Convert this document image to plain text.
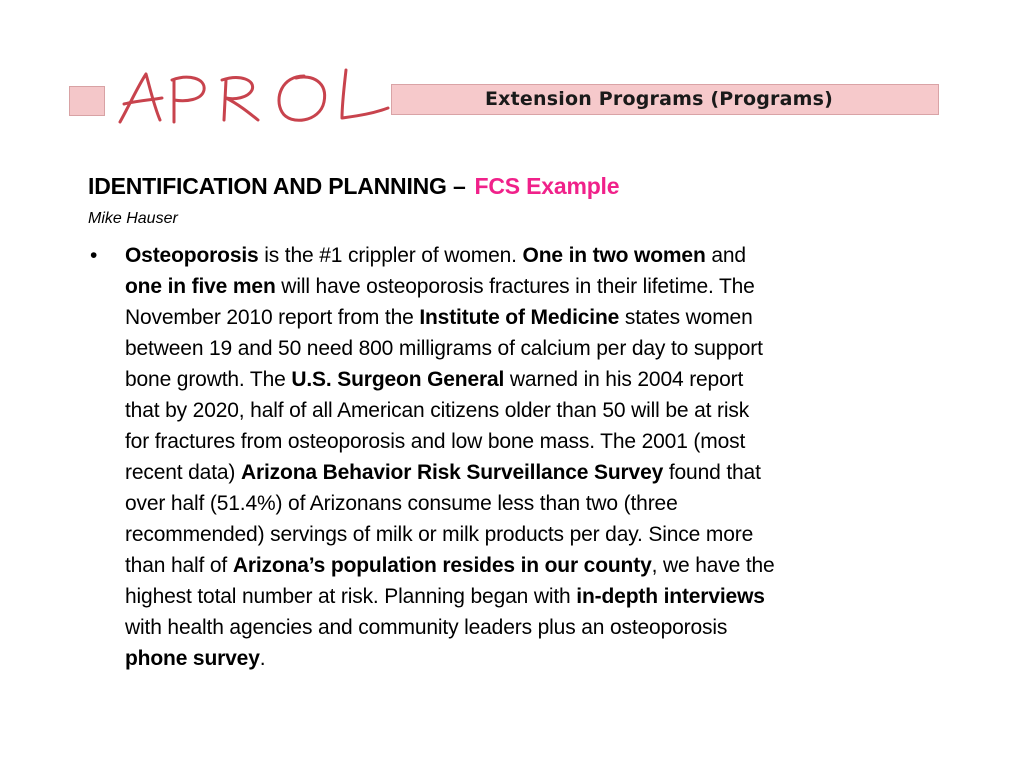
Extension Programs (Programs)
IDENTIFICATION AND PLANNING – FCS Example
Mike Hauser
• Osteoporosis is the #1 crippler of women. One in two women and
one in five men will have osteoporosis fractures in their lifetime. The
November 2010 report from the Institute of Medicine states women
between 19 and 50 need 800 milligrams of calcium per day to support
bone growth. The U.S. Surgeon General warned in his 2004 report
that by 2020, half of all American citizens older than 50 will be at risk
for fractures from osteoporosis and low bone mass. The 2001 (most
recent data) Arizona Behavior Risk Surveillance Survey found that
over half (51.4%) of Arizonans consume less than two (three
recommended) servings of milk or milk products per day. Since more
than half of Arizona’s population resides in our county, we have the
highest total number at risk. Planning began with in-depth interviews
with health agencies and community leaders plus an osteoporosis
phone survey.
